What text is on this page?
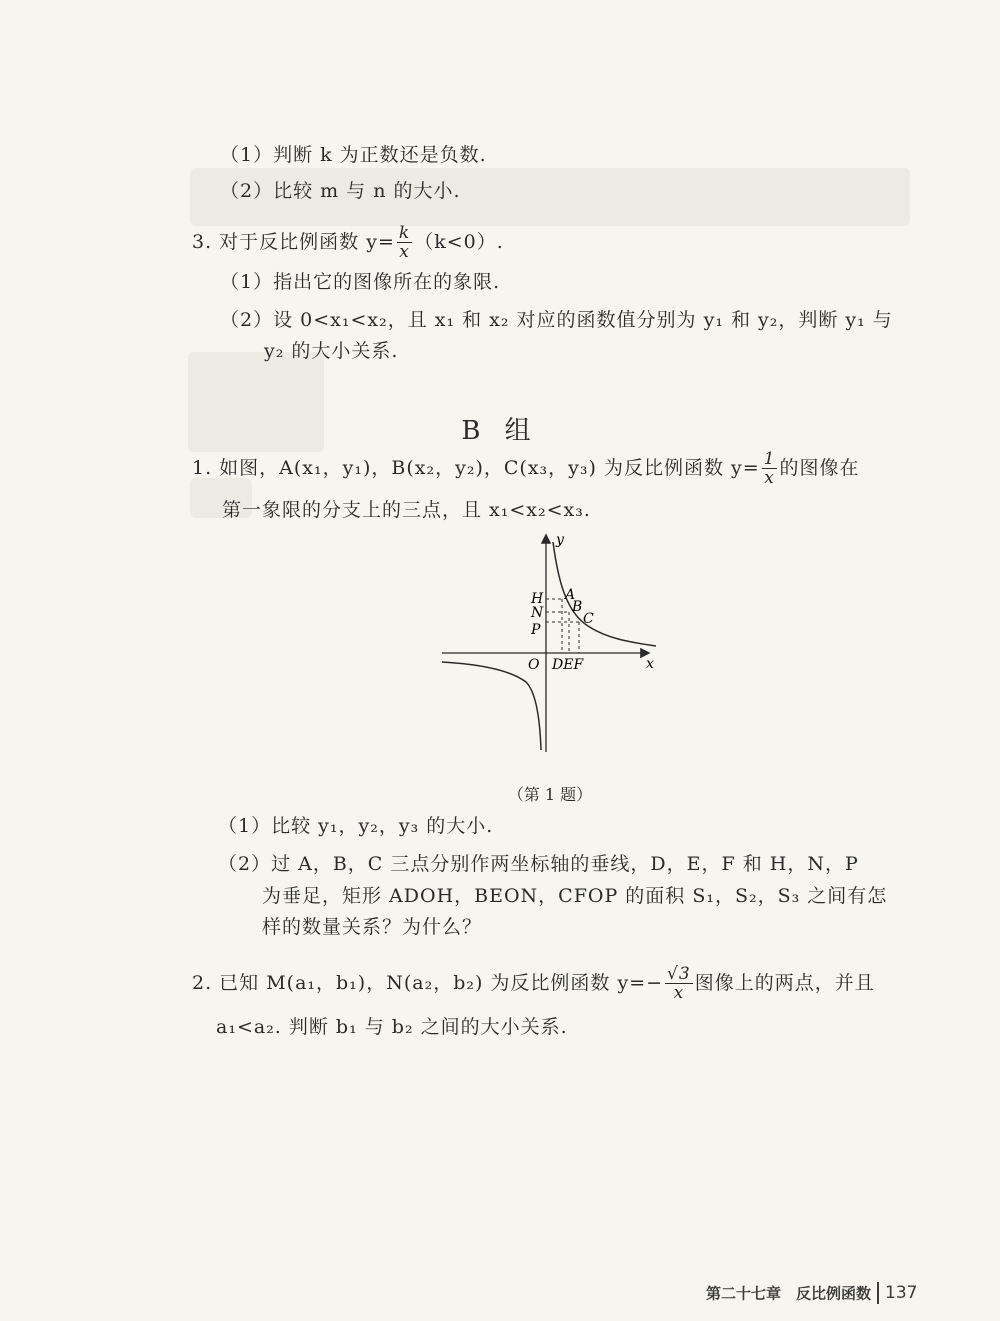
（1）判断 k 为正数还是负数.
（2）比较 m 与 n 的大小.
3. 对于反比例函数 $y= \frac{k}{x} (k<0)$.
（1）指出它的图像所在的象限.
（2）设 0<x₁<x₂，且 x₁ 和 x₂ 对应的函数值分别为 y₁ 和 y₂，判断 y₁ 与
y₂ 的大小关系.
B 组
1. 如图，A(x₁，y₁)，B(x₂，y₂)，C(x₃，y₃) 为反比例函数 $y= \frac{1}{x}$ 的图像在
第一象限的分支上的三点，且 x₁<x₂<x₃.
y
x
O
H
N
P
A
B
C
DEF
（第 1 题）
（1）比较 y₁，y₂，y₃ 的大小.
（2）过 A，B，C 三点分别作两坐标轴的垂线，D，E，F 和 H，N，P
为垂足，矩形 ADOH，BEON，CFOP 的面积 S₁，S₂，S₃ 之间有怎
样的数量关系？为什么？
2. 已知 M(a₁，b₁)，N(a₂，b₂) 为反比例函数 $y=- \frac{√3}{x}$ 图像上的两点，并且
a₁<a₂. 判断 b₁ 与 b₂ 之间的大小关系.
第二十七章　反比例函数 137
